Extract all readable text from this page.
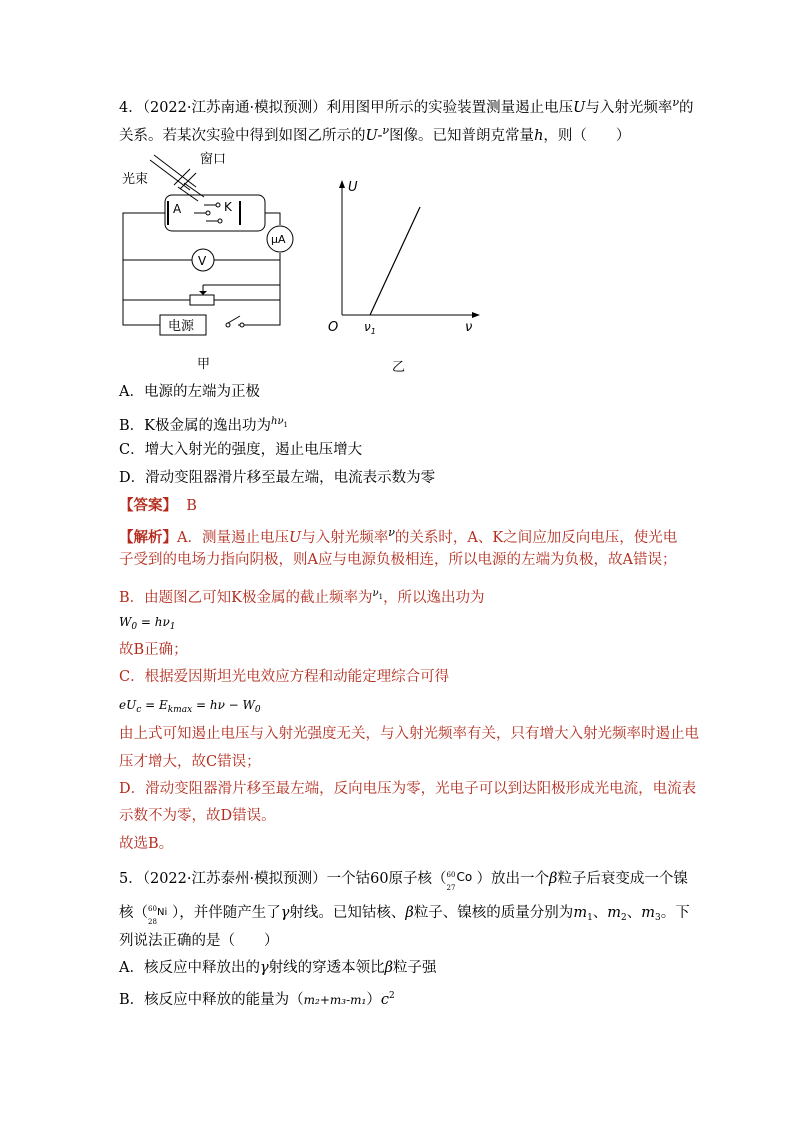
4．（2022·江苏南通·模拟预测）利用图甲所示的实验装置测量遏止电压U与入射光频率$^\nu$的
关系。若某次实验中得到如图乙所示的U-$^\nu$图像。已知普朗克常量h，则（　　）
窗口
光束
A	K
μA
V
电源
甲
U
ν
O $\nu_1$
乙
A．电源的左端为正极
B．K极金属的逸出功为$^{h\nu 1}$
C．增大入射光的强度，遏止电压增大
D．滑动变阻器滑片移至最左端，电流表示数为零
【答案】 B
【解析】A．测量遏止电压U与入射光频率$^\nu$的关系时，A、K之间应加反向电压，使光电
子受到的电场力指向阴极，则A应与电源负极相连，所以电源的左端为负极，故A错误；
B．由题图乙可知K极金属的截止频率为$^{\nu 1}$，所以逸出功为
$W_0 = h\nu_1$
故B正确；
C．根据爱因斯坦光电效应方程和动能定理综合可得
$eU_c = E_{kmax} = h\nu - W_0$
由上式可知遏止电压与入射光强度无关，与入射光频率有关，只有增大入射光频率时遏止电
压才增大，故C错误；
D．滑动变阻器滑片移至最左端，反向电压为零，光电子可以到达阳极形成光电流，电流表
示数不为零，故D错误。
故选B。
5．（2022·江苏泰州·模拟预测）一个钴60原子核（ 60
27
Co ）放出一个β粒子后衰变成一个镍
核（ 60
28
Ni ），并伴随产生了γ射线。已知钴核、β粒子、镍核的质量分别为$m_1$、$m_2$、$m_3$。下
列说法正确的是（　　）
A．核反应中释放出的γ射线的穿透本领比β粒子强
B．核反应中释放的能量为$(m_2+m_3-m_1)c^2$
